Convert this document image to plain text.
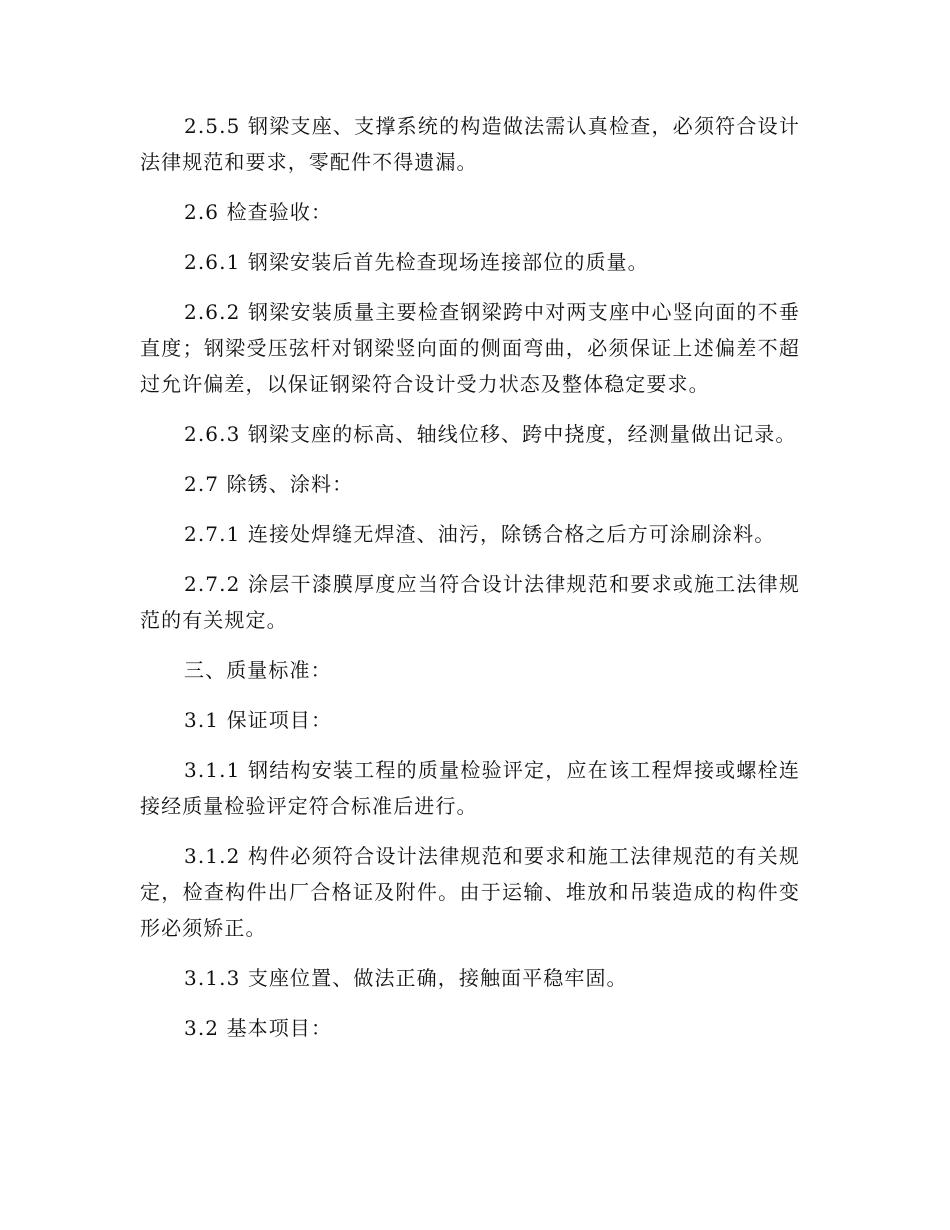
2.5.5 钢梁支座、支撑系统的构造做法需认真检查，必须符合设计法律规范和要求，零配件不得遗漏。

2.6 检查验收：

2.6.1 钢梁安装后首先检查现场连接部位的质量。

2.6.2 钢梁安装质量主要检查钢梁跨中对两支座中心竖向面的不垂直度；钢梁受压弦杆对钢梁竖向面的侧面弯曲，必须保证上述偏差不超过允许偏差，以保证钢梁符合设计受力状态及整体稳定要求。

2.6.3 钢梁支座的标高、轴线位移、跨中挠度，经测量做出记录。

2.7 除锈、涂料：

2.7.1 连接处焊缝无焊渣、油污，除锈合格之后方可涂刷涂料。

2.7.2 涂层干漆膜厚度应当符合设计法律规范和要求或施工法律规范的有关规定。

三、质量标准：

3.1 保证项目：

3.1.1 钢结构安装工程的质量检验评定，应在该工程焊接或螺栓连接经质量检验评定符合标准后进行。

3.1.2 构件必须符合设计法律规范和要求和施工法律规范的有关规定，检查构件出厂合格证及附件。由于运输、堆放和吊装造成的构件变形必须矫正。

3.1.3 支座位置、做法正确，接触面平稳牢固。

3.2 基本项目：
